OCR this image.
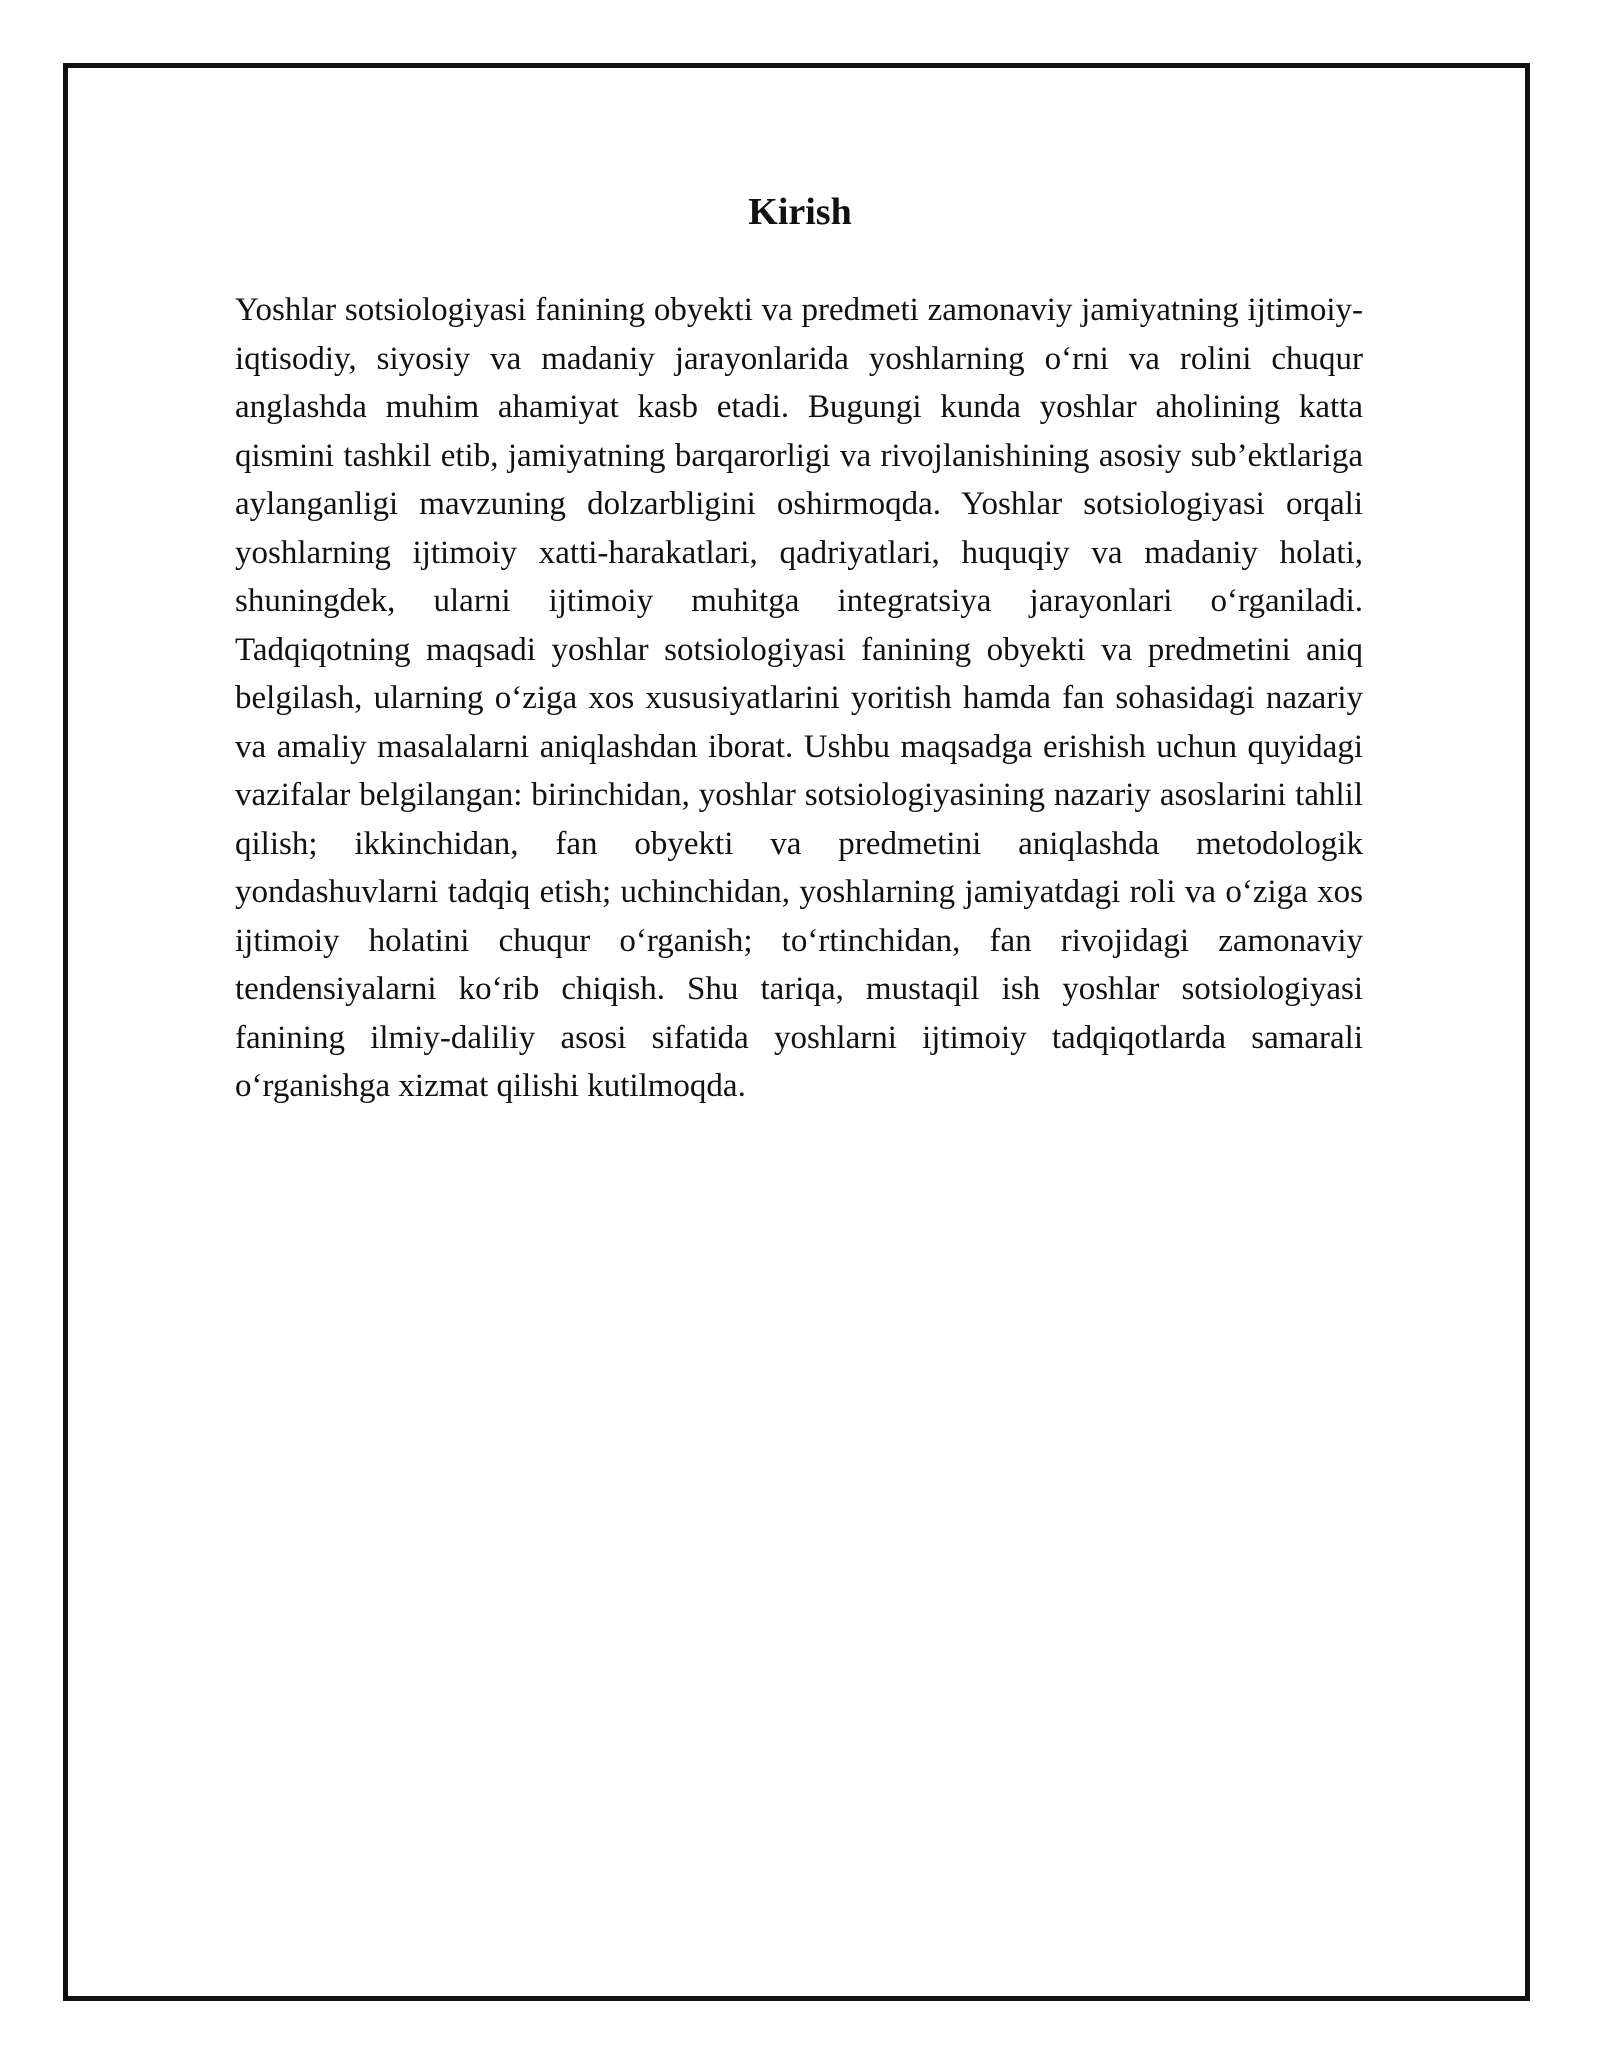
Kirish

Yoshlar sotsiologiyasi fanining obyekti va predmeti zamonaviy jamiyatning ijtimoiy-iqtisodiy, siyosiy va madaniy jarayonlarida yoshlarning o‘rni va rolini chuqur anglashda muhim ahamiyat kasb etadi. Bugungi kunda yoshlar aholining katta qismini tashkil etib, jamiyatning barqarorligi va rivojlanishining asosiy sub’ektlariga aylanganligi mavzuning dolzarbligini oshirmoqda. Yoshlar sotsiologiyasi orqali yoshlarning ijtimoiy xatti-harakatlari, qadriyatlari, huquqiy va madaniy holati, shuningdek, ularni ijtimoiy muhitga integratsiya jarayonlari o‘rganiladi. Tadqiqotning maqsadi yoshlar sotsiologiyasi fanining obyekti va predmetini aniq belgilash, ularning o‘ziga xos xususiyatlarini yoritish hamda fan sohasidagi nazariy va amaliy masalalarni aniqlashdan iborat. Ushbu maqsadga erishish uchun quyidagi vazifalar belgilangan: birinchidan, yoshlar sotsiologiyasining nazariy asoslarini tahlil qilish; ikkinchidan, fan obyekti va predmetini aniqlashda metodologik yondashuvlarni tadqiq etish; uchinchidan, yoshlarning jamiyatdagi roli va o‘ziga xos ijtimoiy holatini chuqur o‘rganish; to‘rtinchidan, fan rivojidagi zamonaviy tendensiyalarni ko‘rib chiqish. Shu tariqa, mustaqil ish yoshlar sotsiologiyasi fanining ilmiy-daliliy asosi sifatida yoshlarni ijtimoiy tadqiqotlarda samarali o‘rganishga xizmat qilishi kutilmoqda.
